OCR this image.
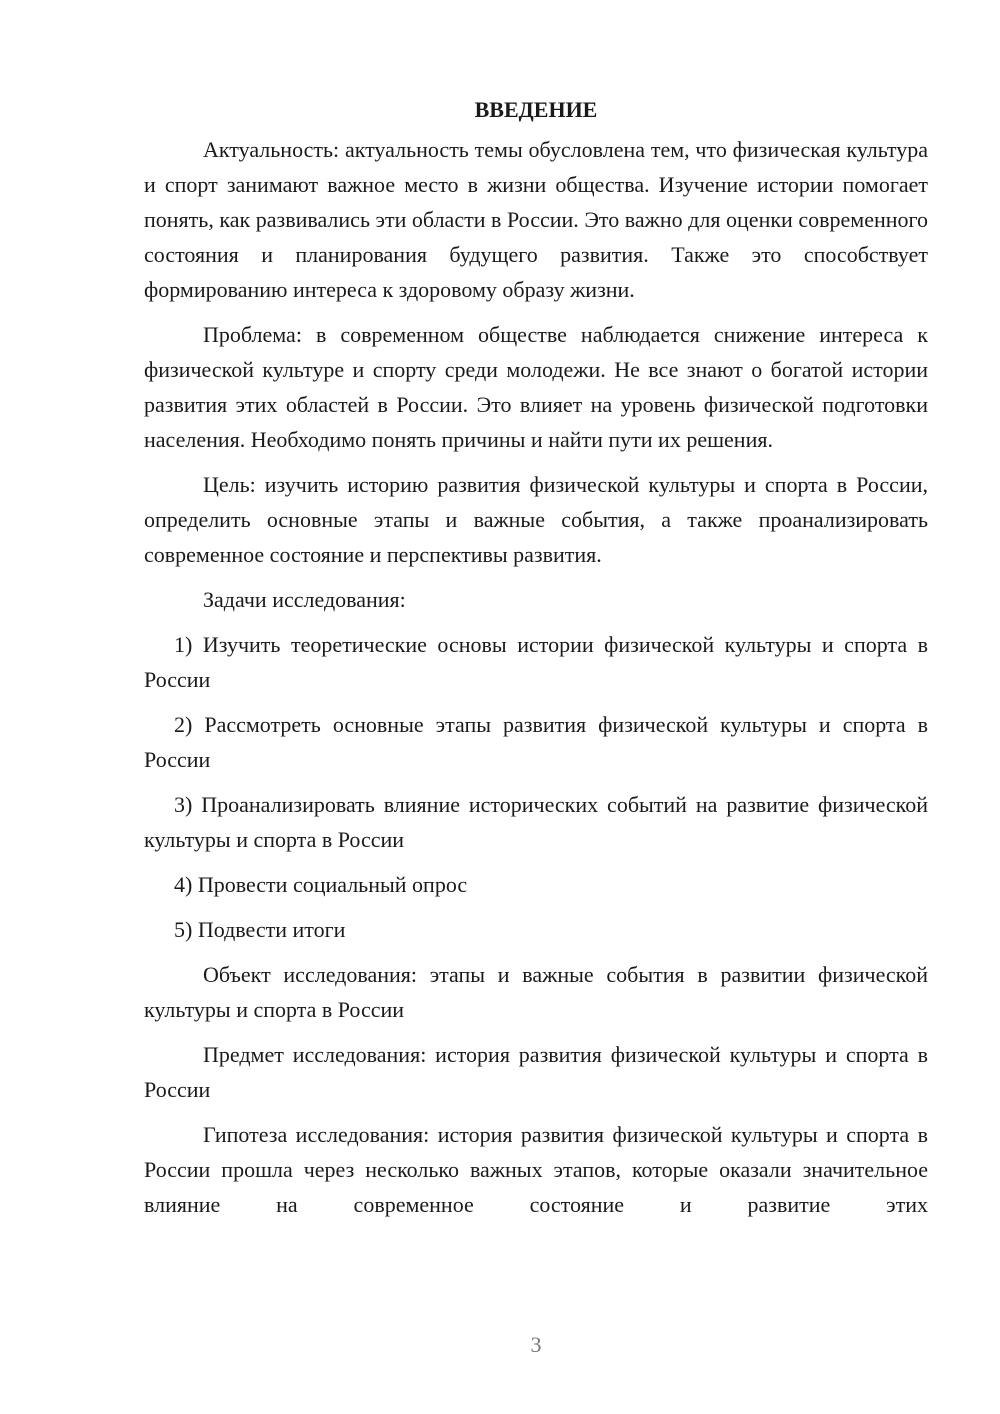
ВВЕДЕНИЕ

Актуальность: актуальность темы обусловлена тем, что физическая культура и спорт занимают важное место в жизни общества. Изучение истории помогает понять, как развивались эти области в России. Это важно для оценки современного состояния и планирования будущего развития. Также это способствует формированию интереса к здоровому образу жизни.

Проблема: в современном обществе наблюдается снижение интереса к физической культуре и спорту среди молодежи. Не все знают о богатой истории развития этих областей в России. Это влияет на уровень физической подготовки населения. Необходимо понять причины и найти пути их решения.

Цель: изучить историю развития физической культуры и спорта в России, определить основные этапы и важные события, а также проанализировать современное состояние и перспективы развития.

Задачи исследования:

1) Изучить теоретические основы истории физической культуры и спорта в России

2) Рассмотреть основные этапы развития физической культуры и спорта в России

3) Проанализировать влияние исторических событий на развитие физической культуры и спорта в России

4) Провести социальный опрос

5) Подвести итоги

Объект исследования: этапы и важные события в развитии физической культуры и спорта в России

Предмет исследования: история развития физической культуры и спорта в России

Гипотеза исследования: история развития физической культуры и спорта в России прошла через несколько важных этапов, которые оказали значительное влияние на современное состояние и развитие этих

3
